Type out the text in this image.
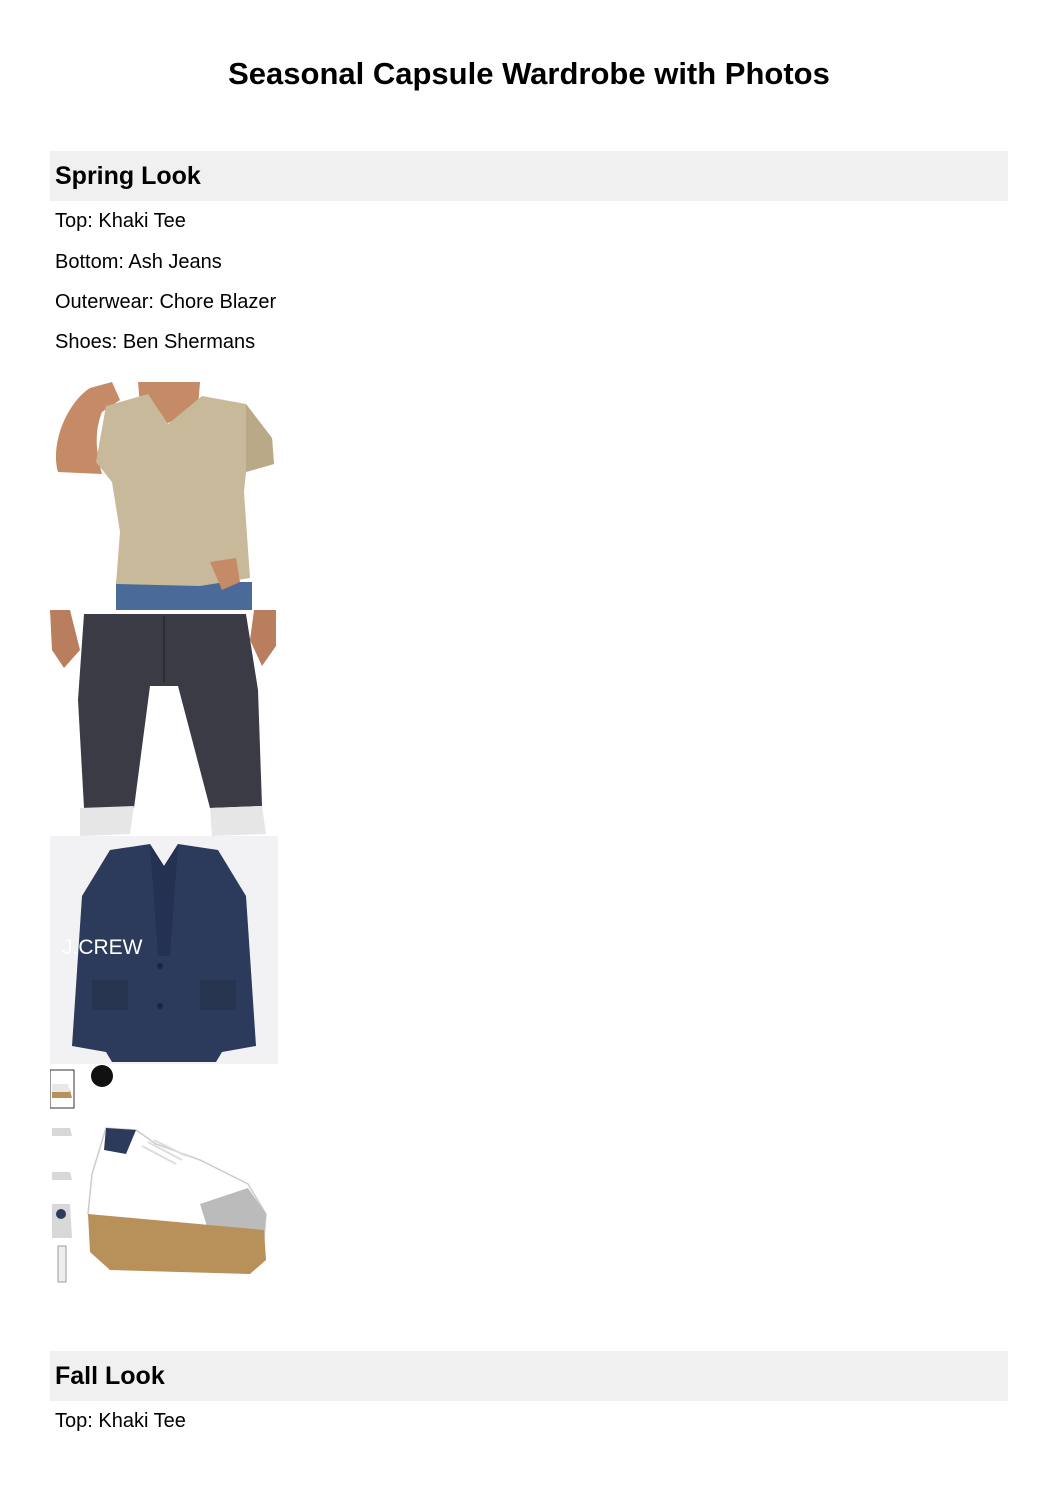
Seasonal Capsule Wardrobe with Photos
Spring Look
Top: Khaki Tee
Bottom: Ash Jeans
Outerwear: Chore Blazer
Shoes: Ben Shermans
J.CREW
Fall Look
Top: Khaki Tee
